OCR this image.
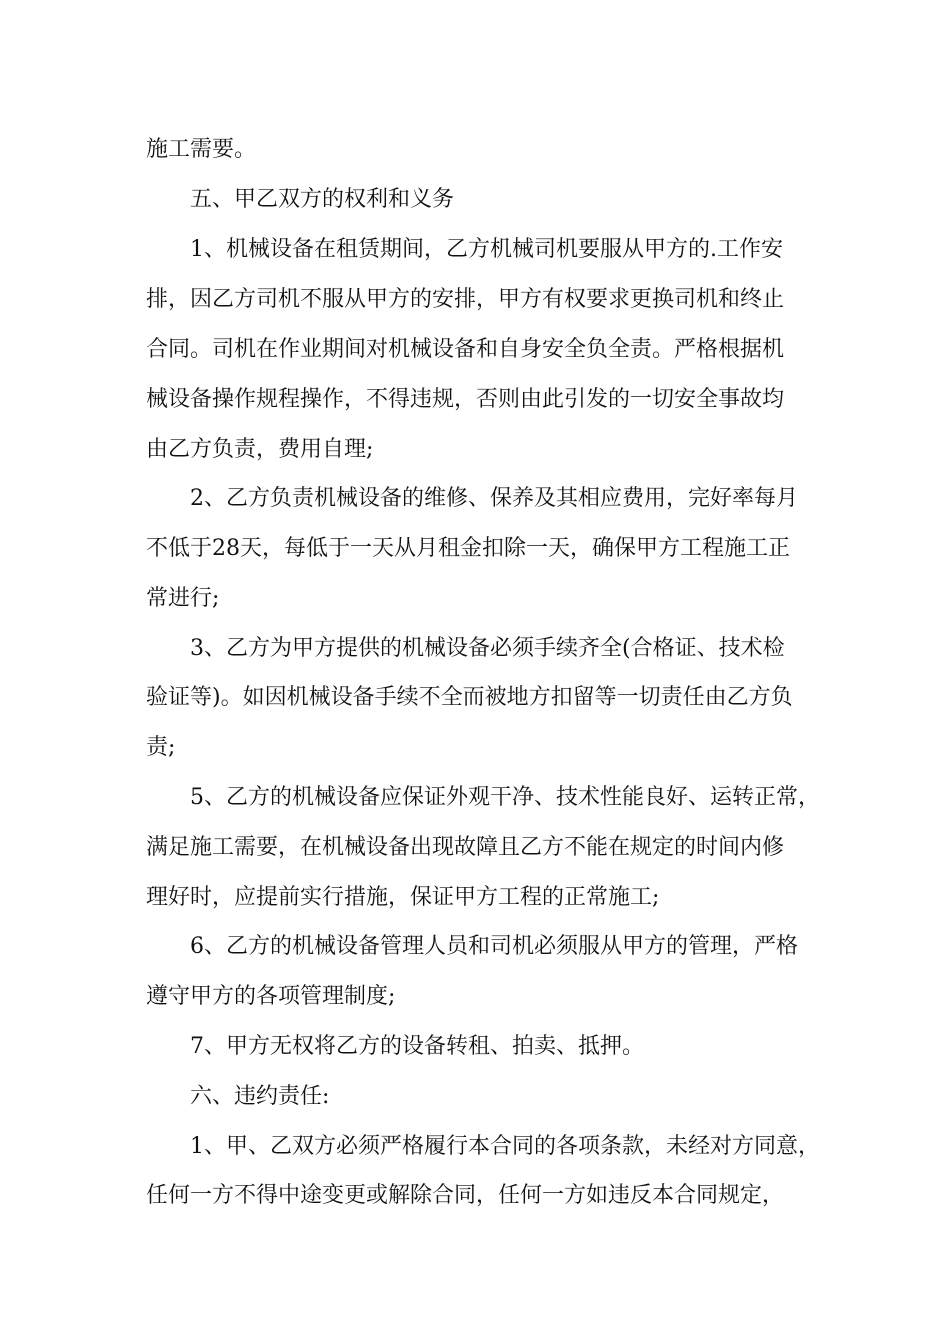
施工需要。
五、甲乙双方的权利和义务
1、机械设备在租赁期间，乙方机械司机要服从甲方的.工作安
排，因乙方司机不服从甲方的安排，甲方有权要求更换司机和终止
合同。司机在作业期间对机械设备和自身安全负全责。严格根据机
械设备操作规程操作，不得违规，否则由此引发的一切安全事故均
由乙方负责，费用自理;
2、乙方负责机械设备的维修、保养及其相应费用，完好率每月
不低于28天，每低于一天从月租金扣除一天，确保甲方工程施工正
常进行;
3、乙方为甲方提供的机械设备必须手续齐全(合格证、技术检
验证等)。如因机械设备手续不全而被地方扣留等一切责任由乙方负
责;
5、乙方的机械设备应保证外观干净、技术性能良好、运转正常，
满足施工需要，在机械设备出现故障且乙方不能在规定的时间内修
理好时，应提前实行措施，保证甲方工程的正常施工;
6、乙方的机械设备管理人员和司机必须服从甲方的管理，严格
遵守甲方的各项管理制度;
7、甲方无权将乙方的设备转租、拍卖、抵押。
六、违约责任:
1、甲、乙双方必须严格履行本合同的各项条款，未经对方同意，
任何一方不得中途变更或解除合同，任何一方如违反本合同规定，
